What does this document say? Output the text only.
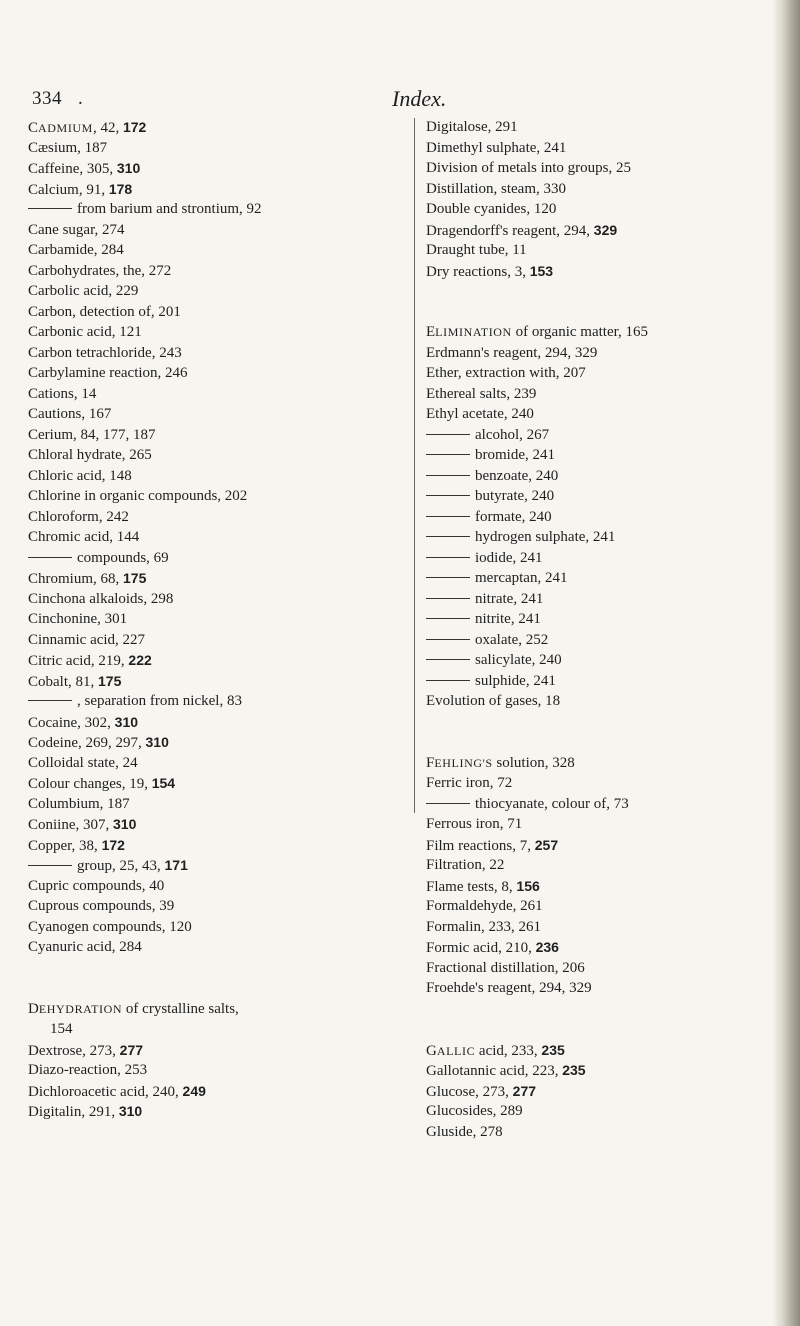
334 .	Index.
CADMIUM, 42, 172
Cæsium, 187
Caffeine, 305, 310
Calcium, 91, 178
from barium and strontium, 92
Cane sugar, 274
Carbamide, 284
Carbohydrates, the, 272
Carbolic acid, 229
Carbon, detection of, 201
Carbonic acid, 121
Carbon tetrachloride, 243
Carbylamine reaction, 246
Cations, 14
Cautions, 167
Cerium, 84, 177, 187
Chloral hydrate, 265
Chloric acid, 148
Chlorine in organic compounds, 202
Chloroform, 242
Chromic acid, 144
compounds, 69
Chromium, 68, 175
Cinchona alkaloids, 298
Cinchonine, 301
Cinnamic acid, 227
Citric acid, 219, 222
Cobalt, 81, 175
, separation from nickel, 83
Cocaine, 302, 310
Codeine, 269, 297, 310
Colloidal state, 24
Colour changes, 19, 154
Columbium, 187
Coniine, 307, 310
Copper, 38, 172
group, 25, 43, 171
Cupric compounds, 40
Cuprous compounds, 39
Cyanogen compounds, 120
Cyanuric acid, 284
DEHYDRATION of crystalline salts,
154
Dextrose, 273, 277
Diazo-reaction, 253
Dichloroacetic acid, 240, 249
Digitalin, 291, 310
Digitalose, 291
Dimethyl sulphate, 241
Division of metals into groups, 25
Distillation, steam, 330
Double cyanides, 120
Dragendorff's reagent, 294, 329
Draught tube, 11
Dry reactions, 3, 153
ELIMINATION of organic matter, 165
Erdmann's reagent, 294, 329
Ether, extraction with, 207
Ethereal salts, 239
Ethyl acetate, 240
alcohol, 267
bromide, 241
benzoate, 240
butyrate, 240
formate, 240
hydrogen sulphate, 241
iodide, 241
mercaptan, 241
nitrate, 241
nitrite, 241
oxalate, 252
salicylate, 240
sulphide, 241
Evolution of gases, 18
FEHLING'S solution, 328
Ferric iron, 72
thiocyanate, colour of, 73
Ferrous iron, 71
Film reactions, 7, 257
Filtration, 22
Flame tests, 8, 156
Formaldehyde, 261
Formalin, 233, 261
Formic acid, 210, 236
Fractional distillation, 206
Froehde's reagent, 294, 329
GALLIC acid, 233, 235
Gallotannic acid, 223, 235
Glucose, 273, 277
Glucosides, 289
Gluside, 278
